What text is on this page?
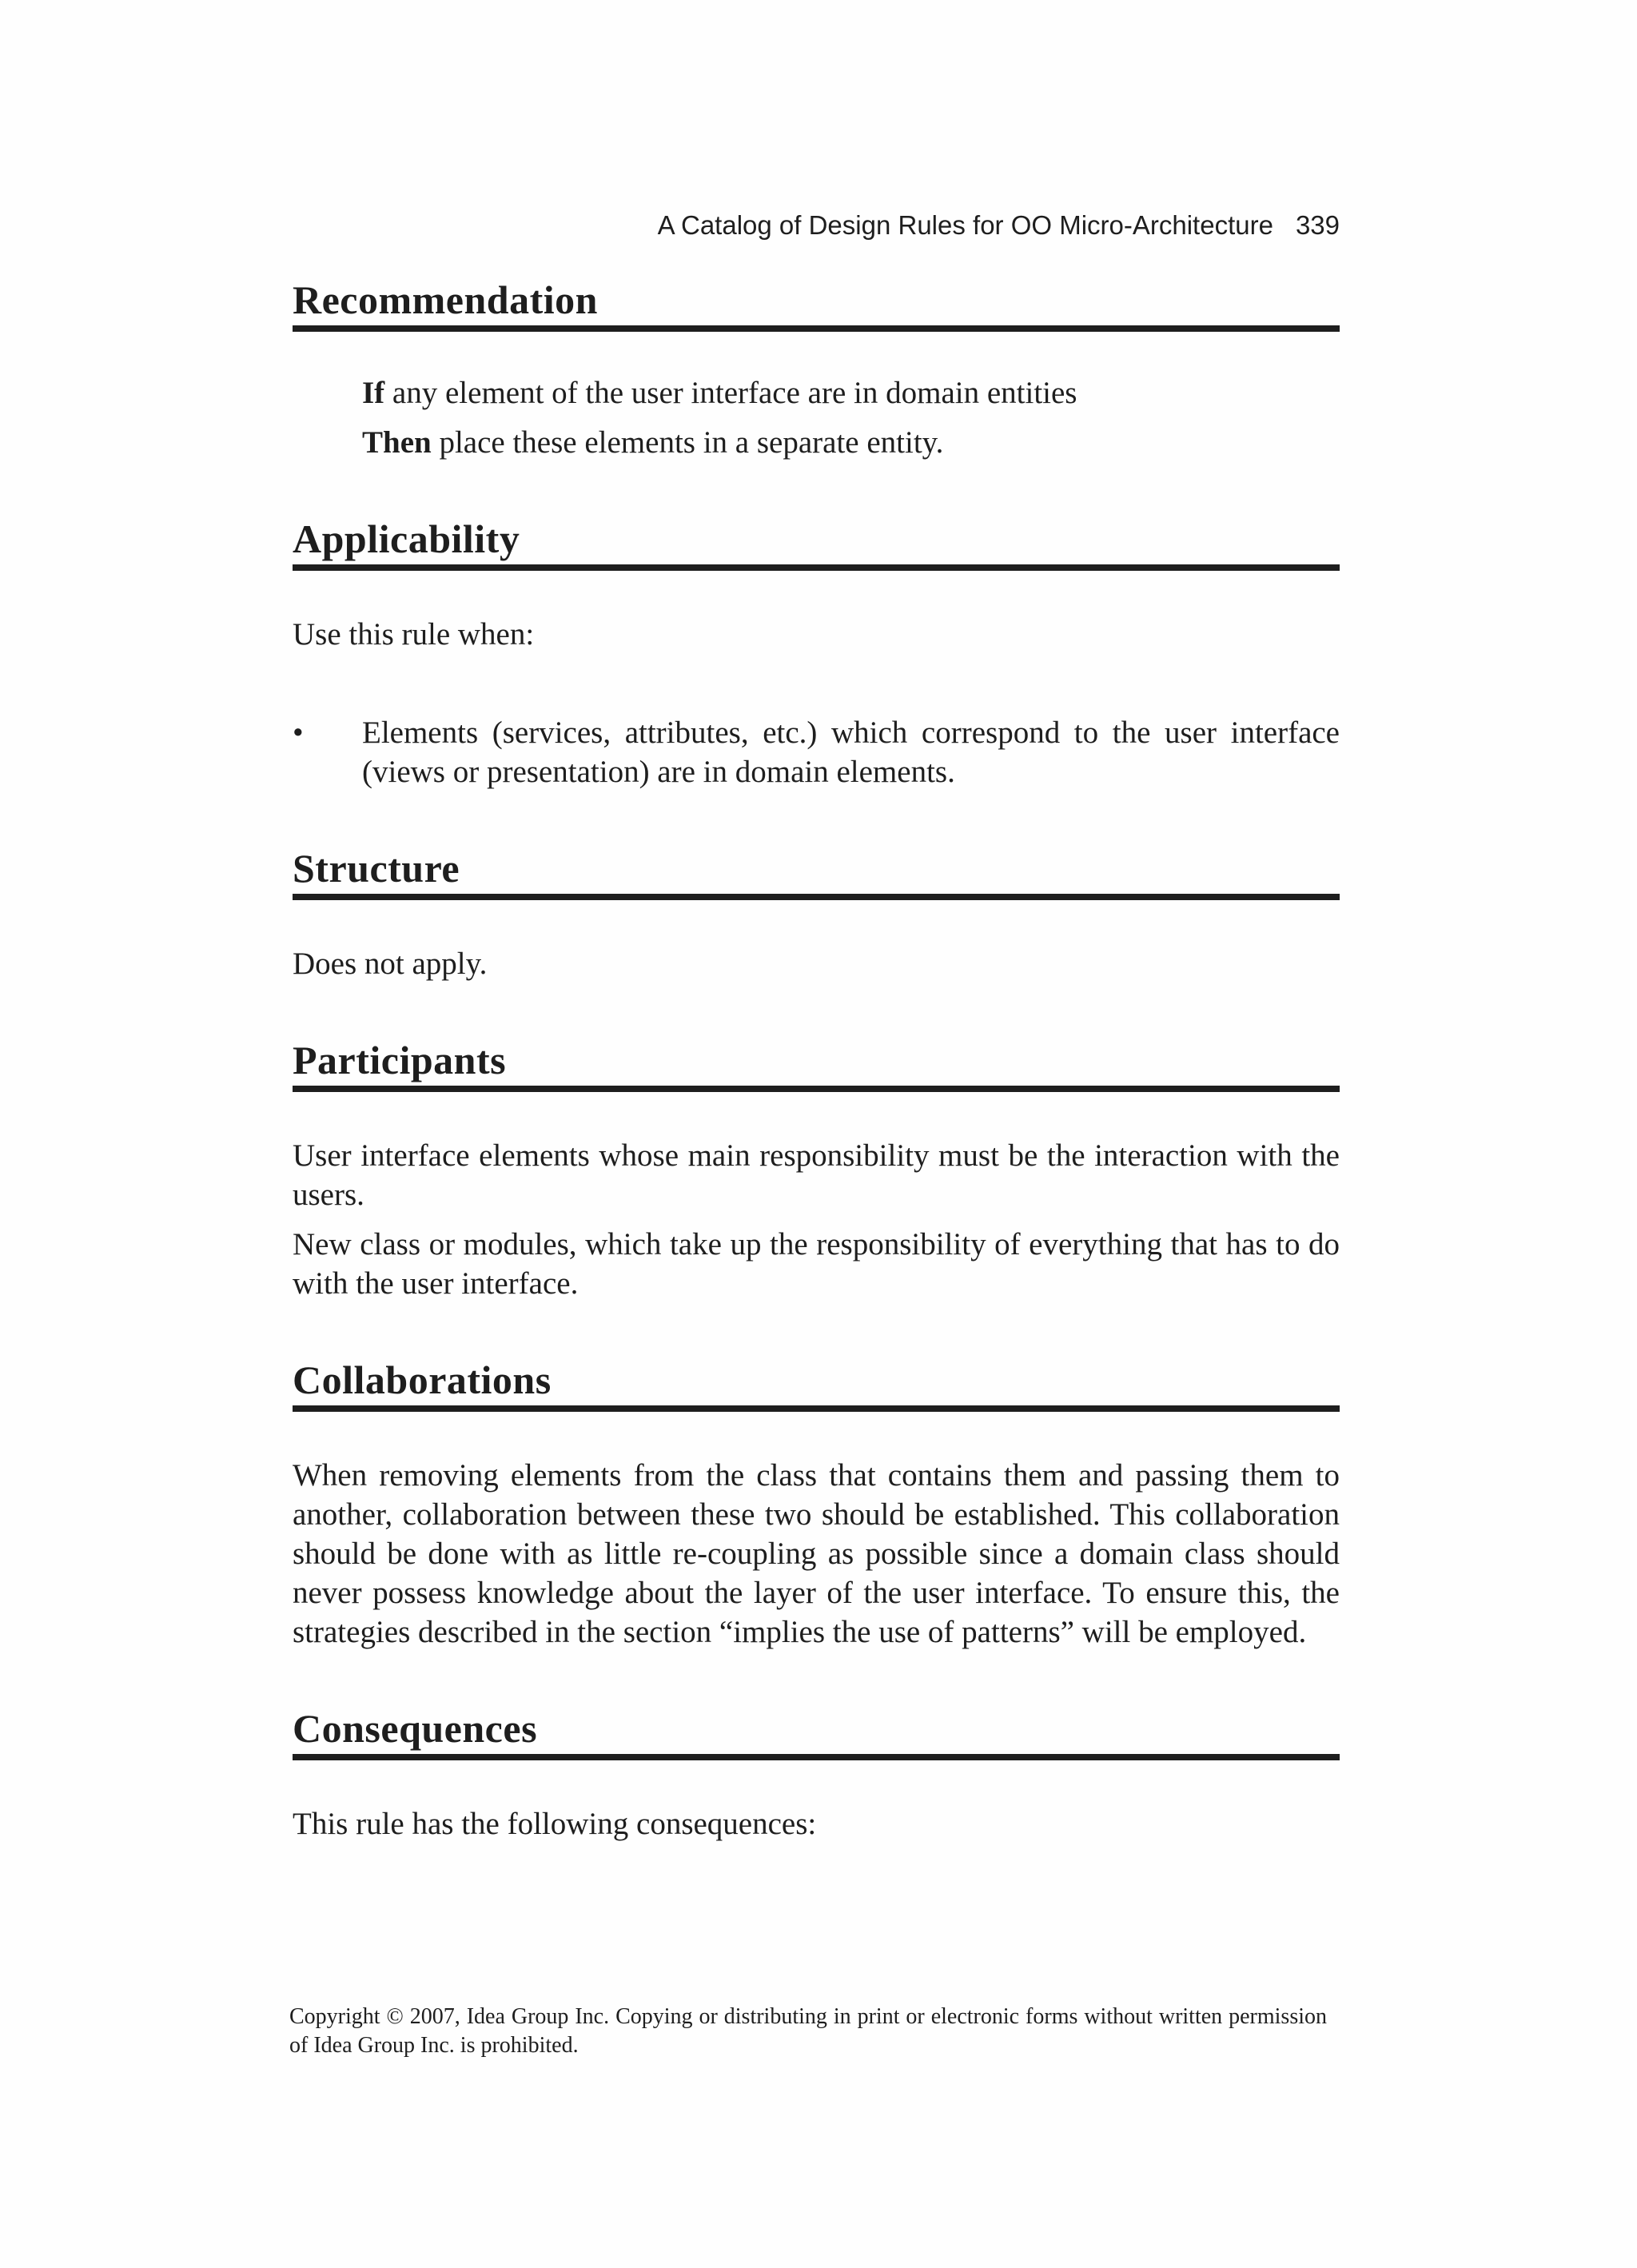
A Catalog of Design Rules for OO Micro-Architecture 339
Recommendation

If any element of the user interface are in domain entities

Then place these elements in a separate entity.

Applicability

Use this rule when:

•	Elements (services, attributes, etc.) which correspond to the user interface (views or presentation) are in domain elements.
Structure

Does not apply.

Participants

User interface elements whose main responsibility must be the interaction with the users.

New class or modules, which take up the responsibility of everything that has to do with the user interface.

Collaborations

When removing elements from the class that contains them and passing them to another, collaboration between these two should be established. This collaboration should be done with as little re-coupling as possible since a domain class should never possess knowledge about the layer of the user interface. To ensure this, the strategies described in the section “implies the use of patterns” will be employed.

Consequences

This rule has the following consequences:

Copyright © 2007, Idea Group Inc. Copying or distributing in print or electronic forms without written permission of Idea Group Inc. is prohibited.
